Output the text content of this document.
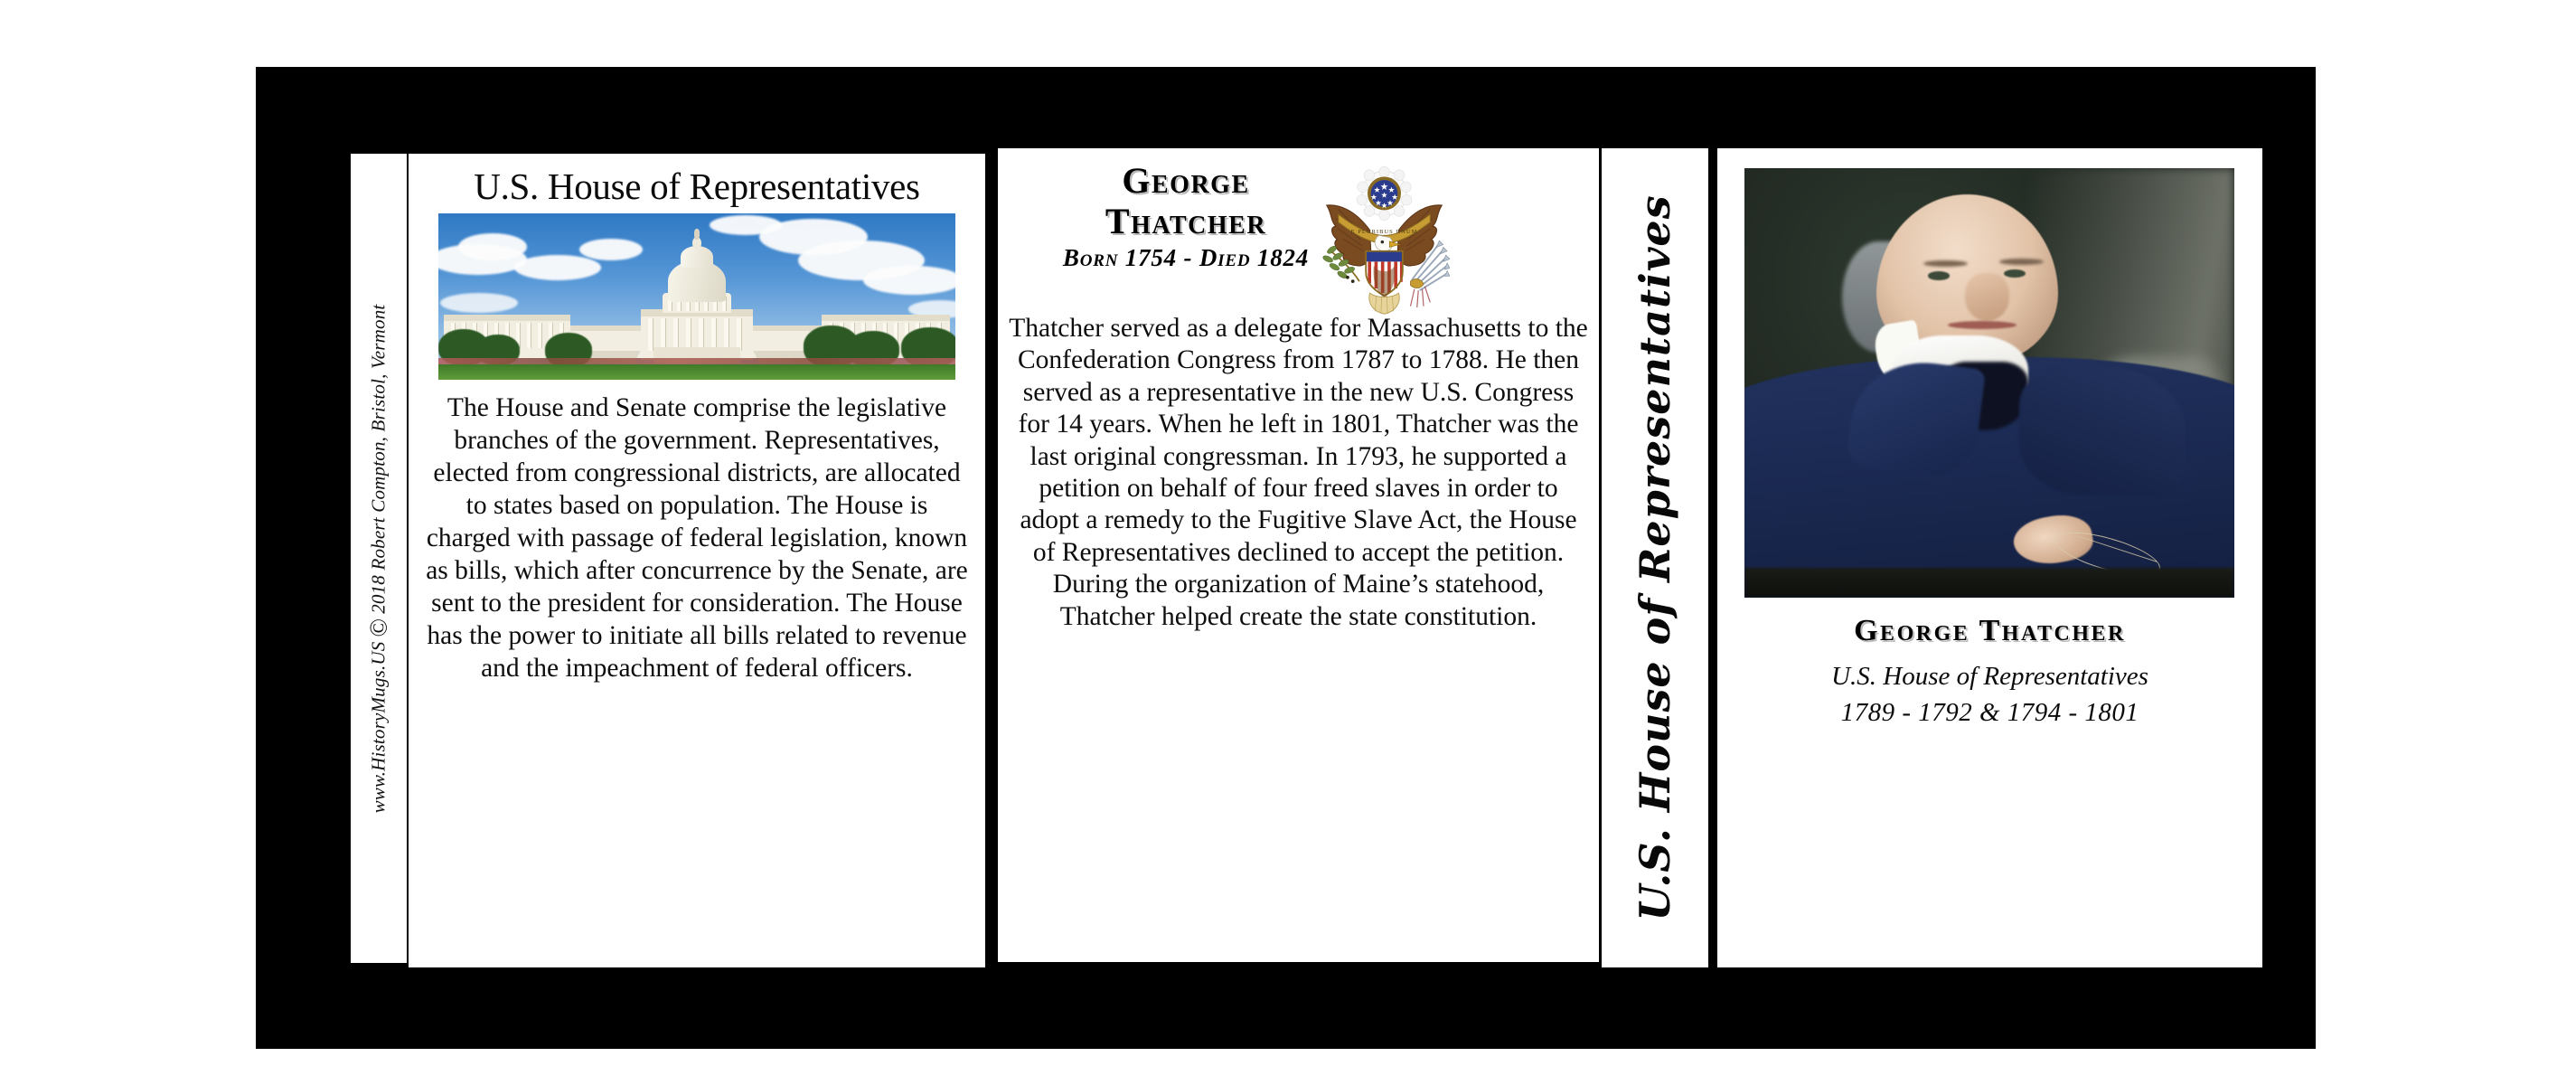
www.HistoryMugs.US©2018 Robert Compton, Bristol, Vermont
U.S. House of Representatives
The House and Senate comprise the legislative branches of the government. Representatives, elected from congressional districts, are allocated to states based on population. The House is charged with passage of federal legislation, known as bills, which after concurrence by the Senate, are sent to the president for consideration. The House has the power to initiate all bills related to revenue and the impeachment of federal officers.
George
Thatcher
Born 1754 - Died 1824
E PLURIBUS UNUM
Thatcher served as a delegate for Massachusetts to the Confederation Congress from 1787 to 1788. He then served as a representative in the new U.S. Congress for 14 years. When he left in 1801, Thatcher was the last original congressman. In 1793, he supported a petition on behalf of four freed slaves in order to adopt a remedy to the Fugitive Slave Act, the House of Representatives declined to accept the petition. During the organization of Maine’s statehood, Thatcher helped create the state constitution.	U.S. House of Representatives	George Thatcher
U.S. House of Representatives
1789 - 1792 & 1794 - 1801
